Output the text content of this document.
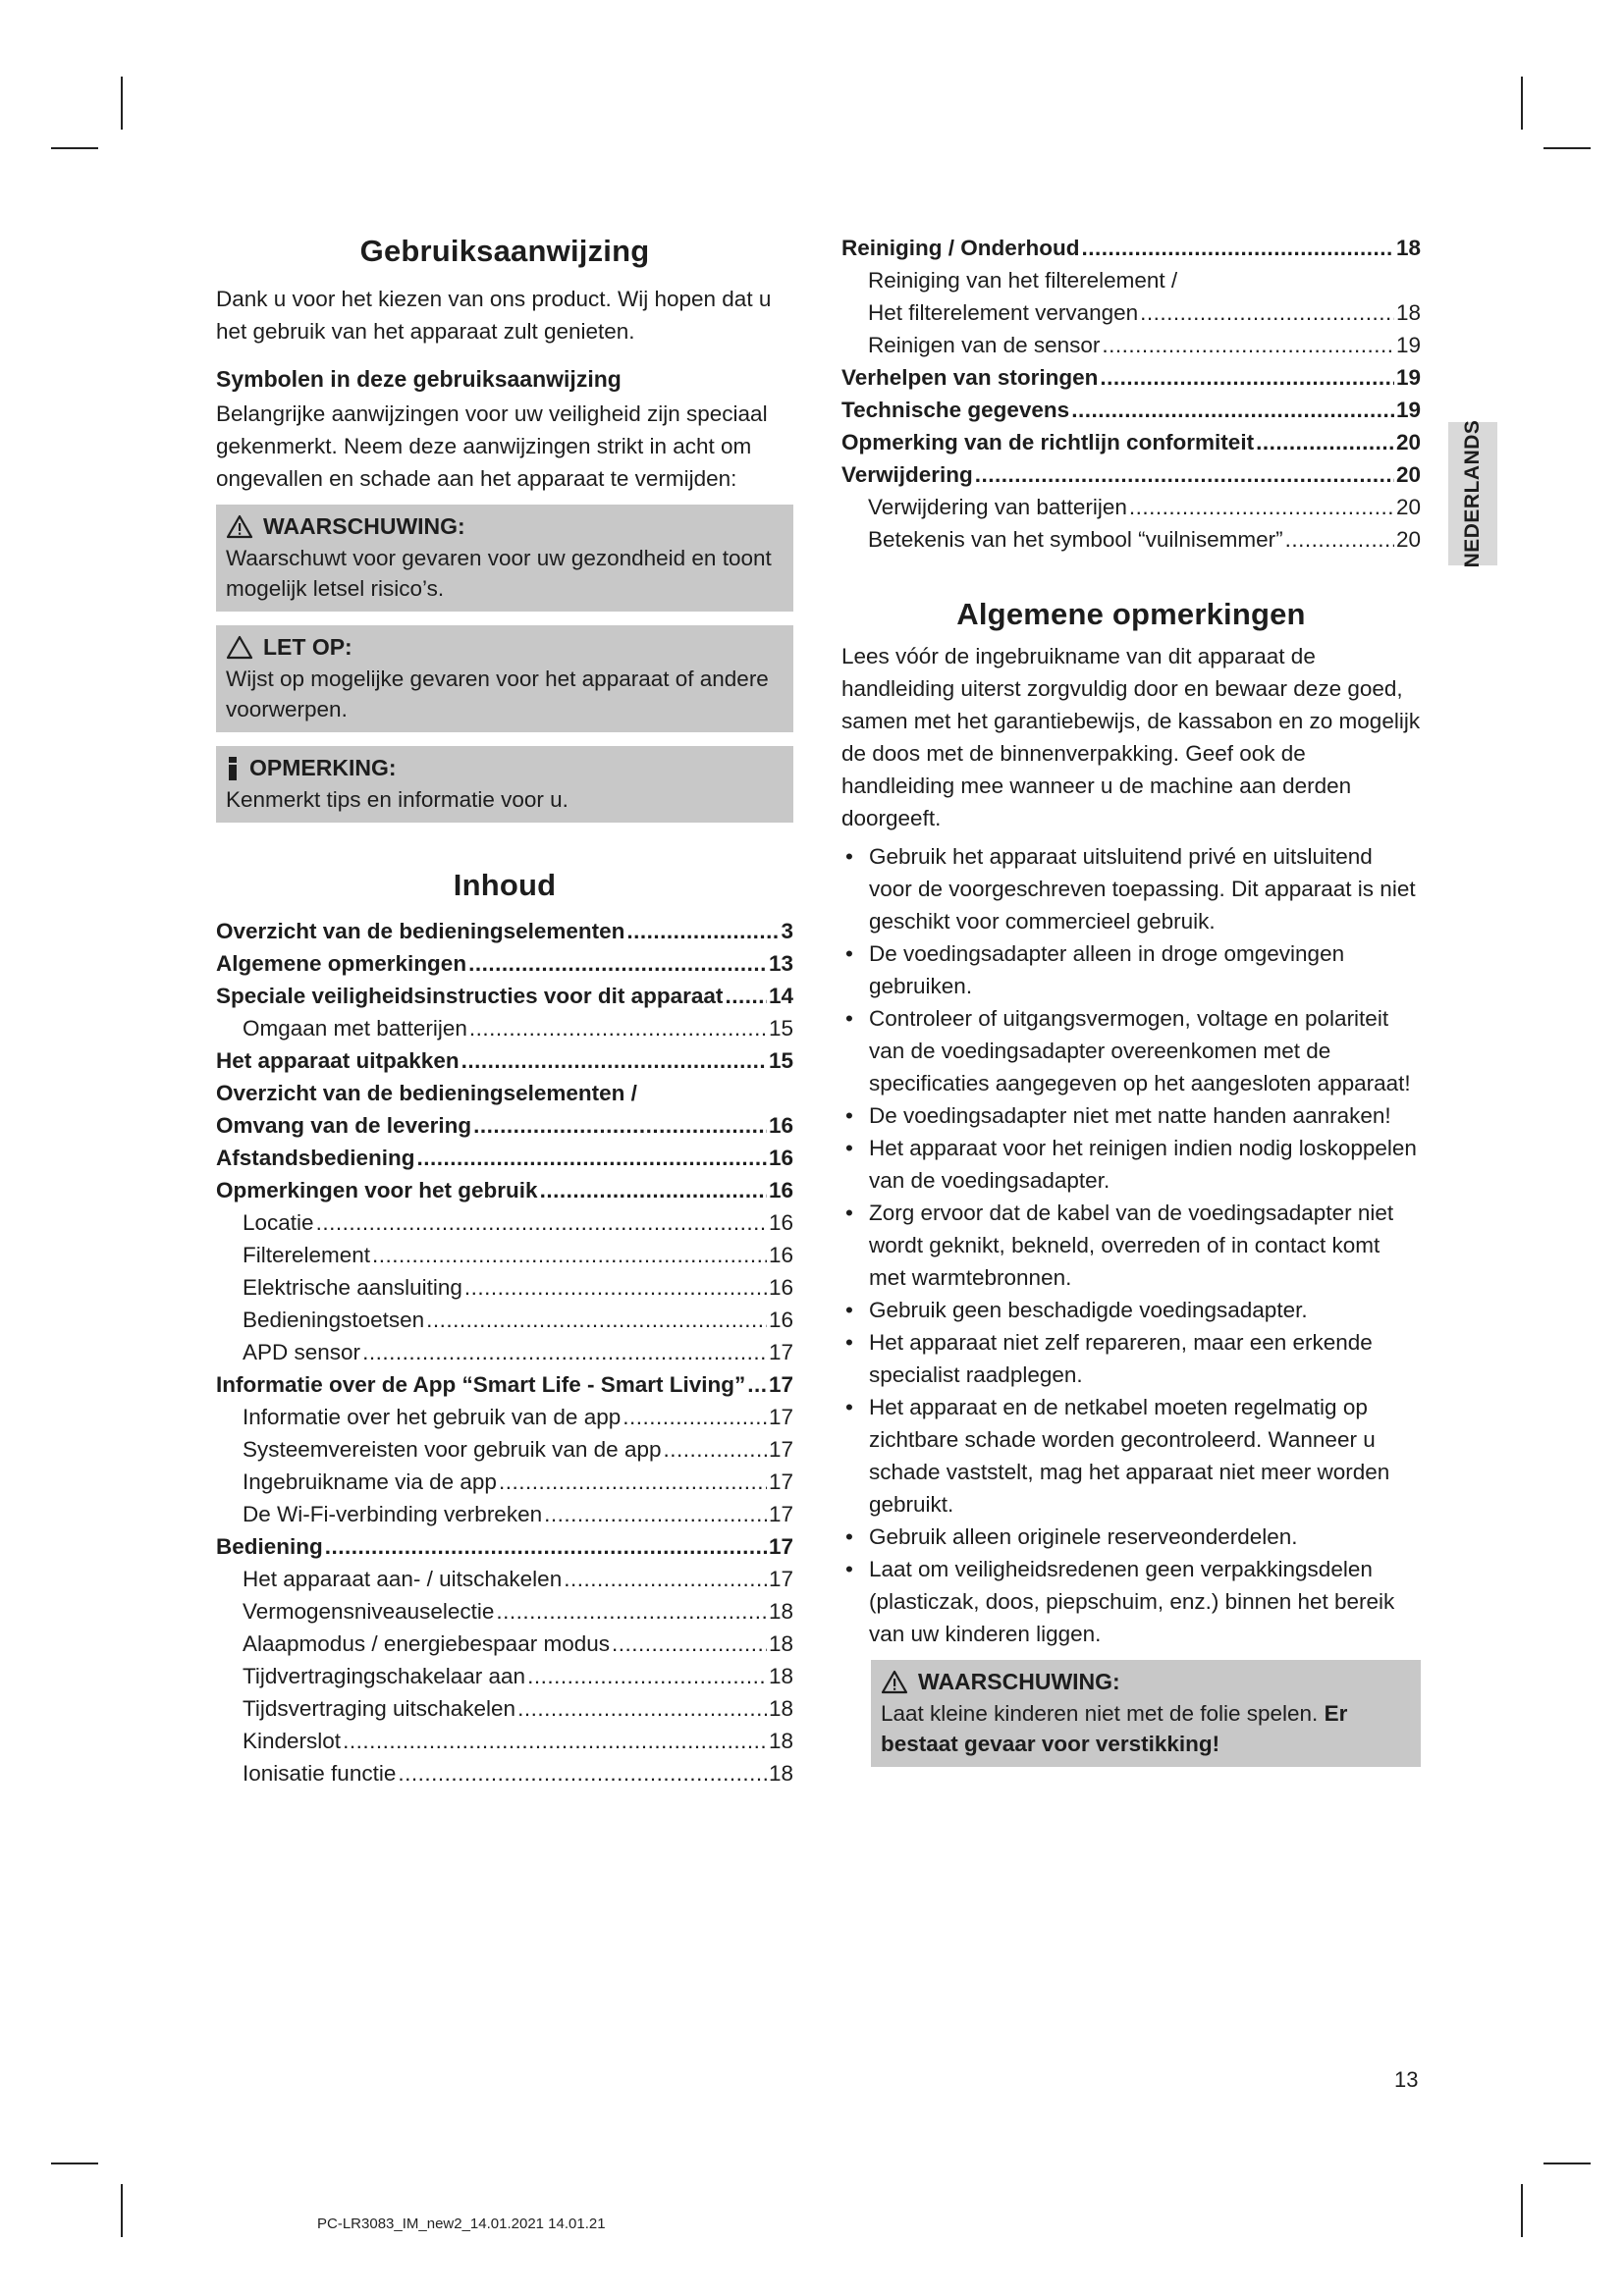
Gebruiksaanwijzing

Dank u voor het kiezen van ons product. Wij hopen dat u het gebruik van het apparaat zult genieten.

Symbolen in deze gebruiksaanwijzing

Belangrijke aanwijzingen voor uw veiligheid zijn speciaal gekenmerkt. Neem deze aanwijzingen strikt in acht om ongevallen en schade aan het apparaat te vermijden:

WAARSCHUWING:
Waarschuwt voor gevaren voor uw gezondheid en toont mogelijk letsel risico’s.
LET OP:
Wijst op mogelijke gevaren voor het apparaat of andere voorwerpen.
OPMERKING:
Kenmerkt tips en informatie voor u.
Inhoud
Overzicht van de bedieningselementen .....	3
Algemene opmerkingen .....	13
Speciale veiligheidsinstructies voor dit apparaat ..... 14
Omgaan met batterijen .....	15
Het apparaat uitpakken .....	15
Overzicht van de bedieningselementen /
Omvang van de levering .....	16
Afstandsbediening .....	16
Opmerkingen voor het gebruik .....	16
Locatie .....	16
Filterelement .....	16
Elektrische aansluiting .....	16
Bedieningstoetsen .....	16
APD sensor .....	17
Informatie over de App “Smart Life - Smart Living” ..... 17
Informatie over het gebruik van de app .....	17
Systeemvereisten voor gebruik van de app .....	17
Ingebruikname via de app .....	17
De Wi-Fi-verbinding verbreken .....	17
Bediening .....	17
Het apparaat aan- / uitschakelen .....	17
Vermogensniveauselectie .....	18
Alaapmodus / energiebespaar modus .....	18
Tijdvertragingschakelaar aan .....	18
Tijdsvertraging uitschakelen .....	18
Kinderslot .....	18
Ionisatie functie .....	18
Reiniging / Onderhoud .....	18
Reiniging van het filterelement /
Het filterelement vervangen .....	18
Reinigen van de sensor .....	19
Verhelpen van storingen .....	19
Technische gegevens .....	19
Opmerking van de richtlijn conformiteit .....	20
Verwijdering .....	20
Verwijdering van batterijen .....	20
Betekenis van het symbool “vuilnisemmer” .....	20
Algemene opmerkingen

Lees vóór de ingebruikname van dit apparaat de handleiding uiterst zorgvuldig door en bewaar deze goed, samen met het garantiebewijs, de kassabon en zo mogelijk de doos met de binnenverpakking. Geef ook de handleiding mee wanneer u de machine aan derden doorgeeft.

• Gebruik het apparaat uitsluitend privé en uitsluitend voor de voorgeschreven toepassing. Dit apparaat is niet geschikt voor commercieel gebruik.
• De voedingsadapter alleen in droge omgevingen gebruiken.
• Controleer of uitgangsvermogen, voltage en polariteit van de voedingsadapter overeenkomen met de specificaties aangegeven op het aangesloten apparaat!
• De voedingsadapter niet met natte handen aanraken!
• Het apparaat voor het reinigen indien nodig loskoppelen van de voedingsadapter.
• Zorg ervoor dat de kabel van de voedingsadapter niet wordt geknikt, bekneld, overreden of in contact komt met warmtebronnen.
• Gebruik geen beschadigde voedingsadapter.
• Het apparaat niet zelf repareren, maar een erkende specialist raadplegen.
• Het apparaat en de netkabel moeten regelmatig op zichtbare schade worden gecontroleerd. Wanneer u schade vaststelt, mag het apparaat niet meer worden gebruikt.
• Gebruik alleen originele reserveonderdelen.
• Laat om veiligheidsredenen geen verpakkingsdelen (plasticzak, doos, piepschuim, enz.) binnen het bereik van uw kinderen liggen.
WAARSCHUWING:
Laat kleine kinderen niet met de folie spelen. Er bestaat gevaar voor verstikking!
NEDERLANDS
13
PC-LR3083_IM_new2_14.01.2021 14.01.21
